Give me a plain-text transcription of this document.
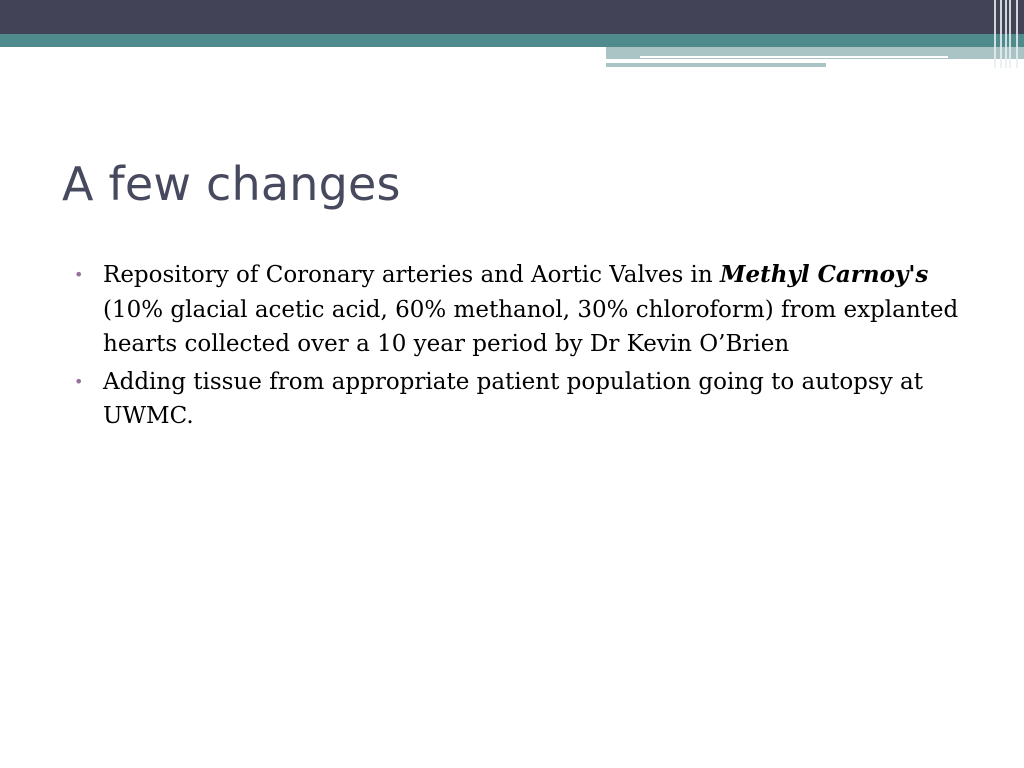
A few changes
• Repository of Coronary arteries and Aortic Valves in Methyl Carnoy's (10% glacial acetic acid, 60% methanol, 30% chloroform) from explanted hearts collected over a 10 year period by Dr Kevin O’Brien
• Adding tissue from appropriate patient population going to autopsy at UWMC.
